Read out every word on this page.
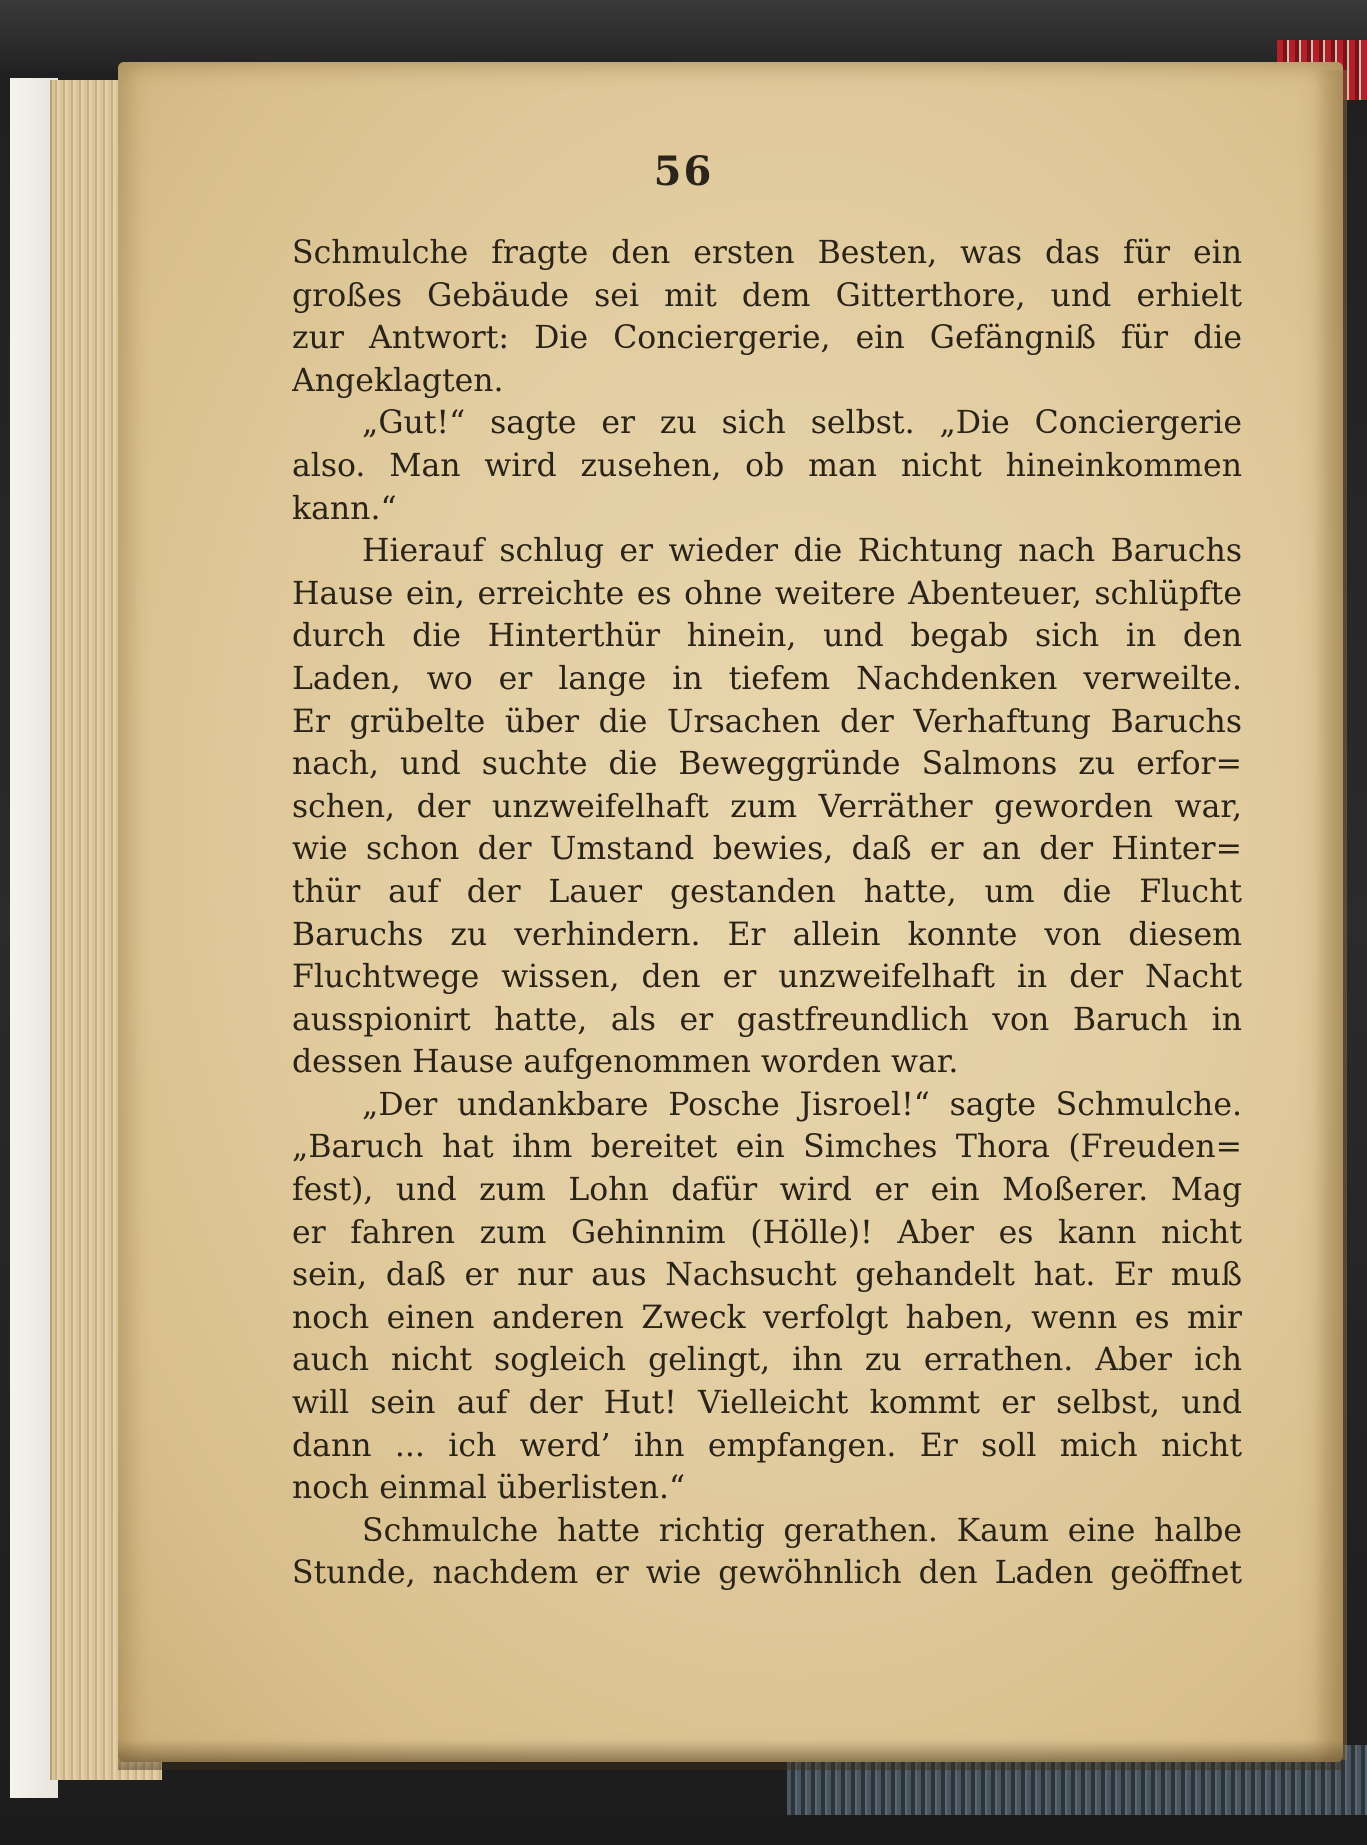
56
Schmulche fragte den ersten Besten, was das für ein
großes Gebäude sei mit dem Gitterthore, und erhielt
zur Antwort: Die Conciergerie, ein Gefängniß für die
Angeklagten.
„Gut!“ sagte er zu sich selbst. „Die Conciergerie
also. Man wird zusehen, ob man nicht hineinkommen
kann.“
Hierauf schlug er wieder die Richtung nach Baruchs
Hause ein, erreichte es ohne weitere Abenteuer, schlüpfte
durch die Hinterthür hinein, und begab sich in den
Laden, wo er lange in tiefem Nachdenken verweilte.
Er grübelte über die Ursachen der Verhaftung Baruchs
nach, und suchte die Beweggründe Salmons zu erfor=
schen, der unzweifelhaft zum Verräther geworden war,
wie schon der Umstand bewies, daß er an der Hinter=
thür auf der Lauer gestanden hatte, um die Flucht
Baruchs zu verhindern. Er allein konnte von diesem
Fluchtwege wissen, den er unzweifelhaft in der Nacht
ausspionirt hatte, als er gastfreundlich von Baruch in
dessen Hause aufgenommen worden war.
„Der undankbare Posche Jisroel!“ sagte Schmulche.
„Baruch hat ihm bereitet ein Simches Thora (Freuden=
fest), und zum Lohn dafür wird er ein Moßerer. Mag
er fahren zum Gehinnim (Hölle)! Aber es kann nicht
sein, daß er nur aus Nachsucht gehandelt hat. Er muß
noch einen anderen Zweck verfolgt haben, wenn es mir
auch nicht sogleich gelingt, ihn zu errathen. Aber ich
will sein auf der Hut! Vielleicht kommt er selbst, und
dann ... ich werd’ ihn empfangen. Er soll mich nicht
noch einmal überlisten.“
Schmulche hatte richtig gerathen. Kaum eine halbe
Stunde, nachdem er wie gewöhnlich den Laden geöffnet
